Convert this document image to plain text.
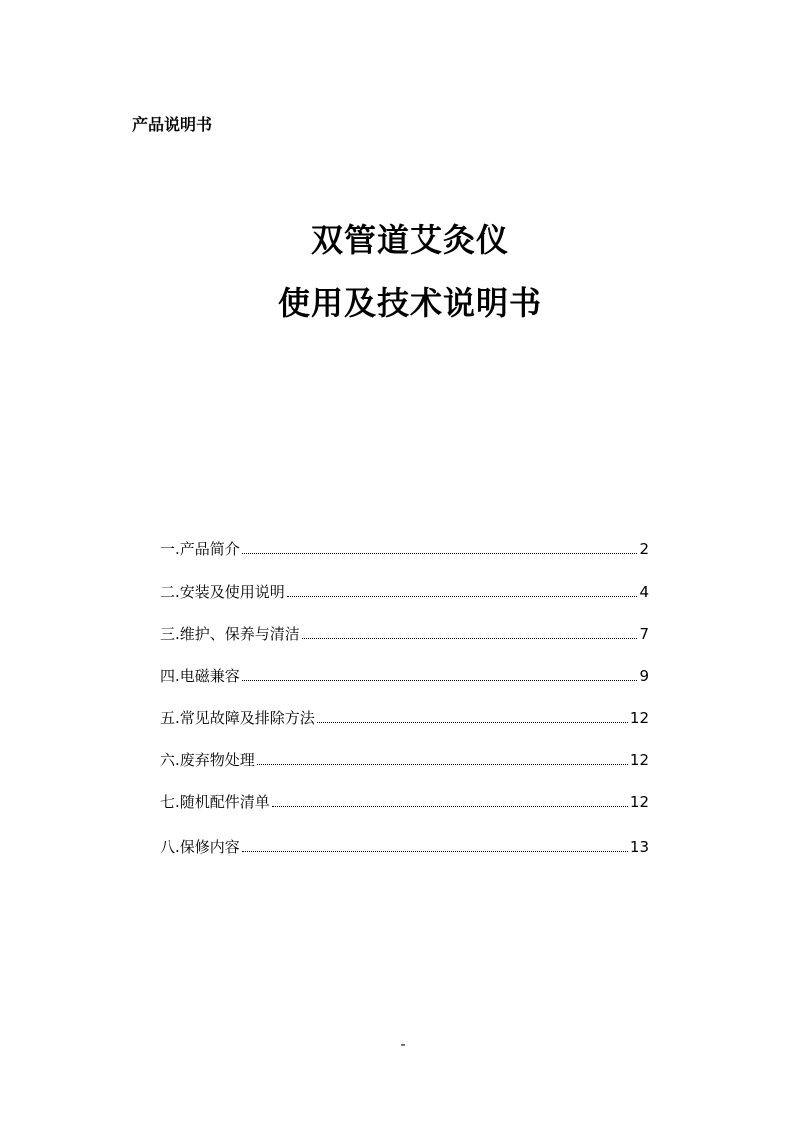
产品说明书
双管道艾灸仪
使用及技术说明书
一.产品简介	2
二.安装及使用说明	4
三.维护、保养与清洁	7
四.电磁兼容	9
五.常见故障及排除方法	12
六.废弃物处理	12
七.随机配件清单	12
八.保修内容	13
-
